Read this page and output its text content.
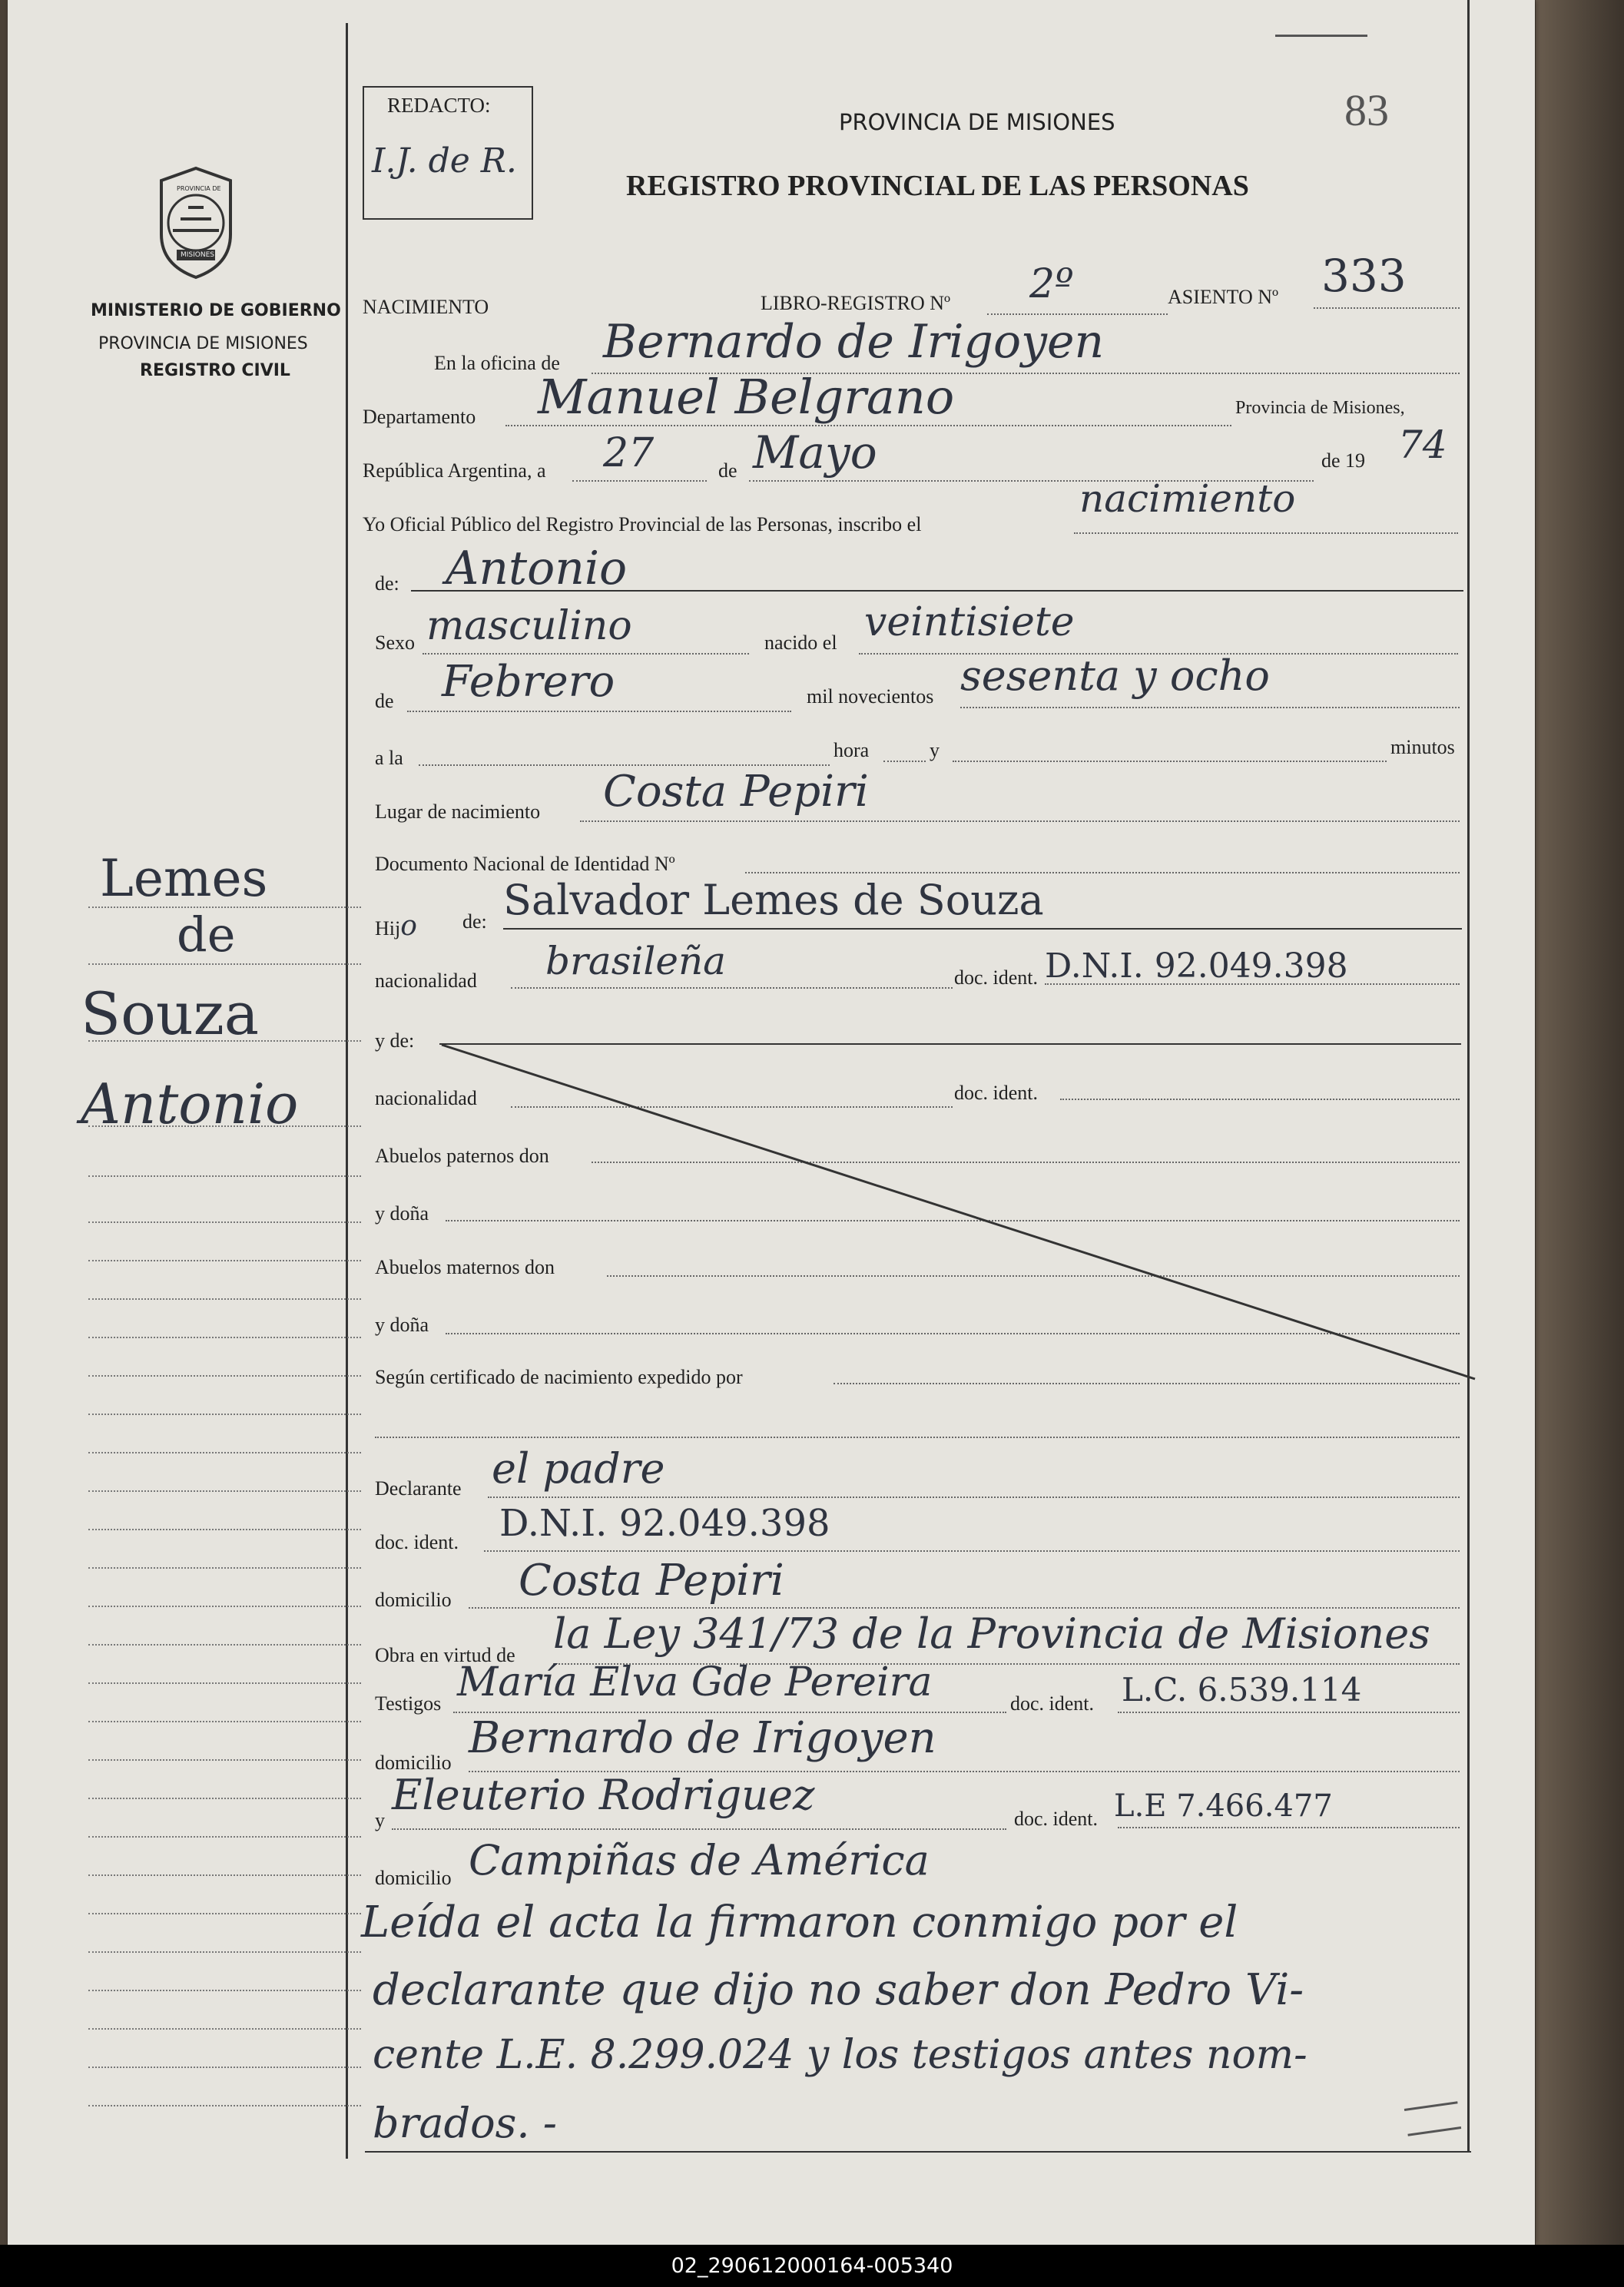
REDACTO:
I.J. de R.
PROVINCIA DE MISIONES
REGISTRO PROVINCIAL DE LAS PERSONAS
83
PROVINCIA DE
MISIONES
MINISTERIO DE GOBIERNO
PROVINCIA DE MISIONES
REGISTRO CIVIL
Lemes
de
Souza
Antonio
NACIMIENTO	LIBRO-REGISTRO Nº 2º	ASIENTO Nº 333
En la oficina de Bernardo de Irigoyen
Departamento Manuel Belgrano	Provincia de Misiones,
República Argentina, a 27	de Mayo	de 19 74
Yo Oficial Público del Registro Provincial de las Personas, inscribo el
nacimiento
de: Antonio
Sexo masculino	nacido el veintisiete
de Febrero	mil novecientos sesenta y ocho
a la	hora	y	minutos
Lugar de nacimiento Costa Pepiri
Documento Nacional de Identidad Nº
Hijo de: Salvador Lemes de Souza
nacionalidad brasileña	doc. ident. D.N.I. 92.049.398
y de:
nacionalidad	doc. ident.
Abuelos paternos don
y doña
Abuelos maternos don
y doña
Según certificado de nacimiento expedido por
Declarante el padre
doc. ident. D.N.I. 92.049.398
domicilio Costa Pepiri
Obra en virtud de la Ley 341/73 de la Provincia de Misiones
Testigos María Elva Gde Pereira	doc. ident. L.C. 6.539.114
domicilio Bernardo de Irigoyen
y
Eleuterio Rodriguez	doc. ident. L.E 7.466.477
domicilio Campiñas de América
Leída el acta la firmaron conmigo por el
declarante que dijo no saber don Pedro Vi-
cente L.E. 8.299.024 y los testigos antes nom-
brados. -
02_290612000164-005340
